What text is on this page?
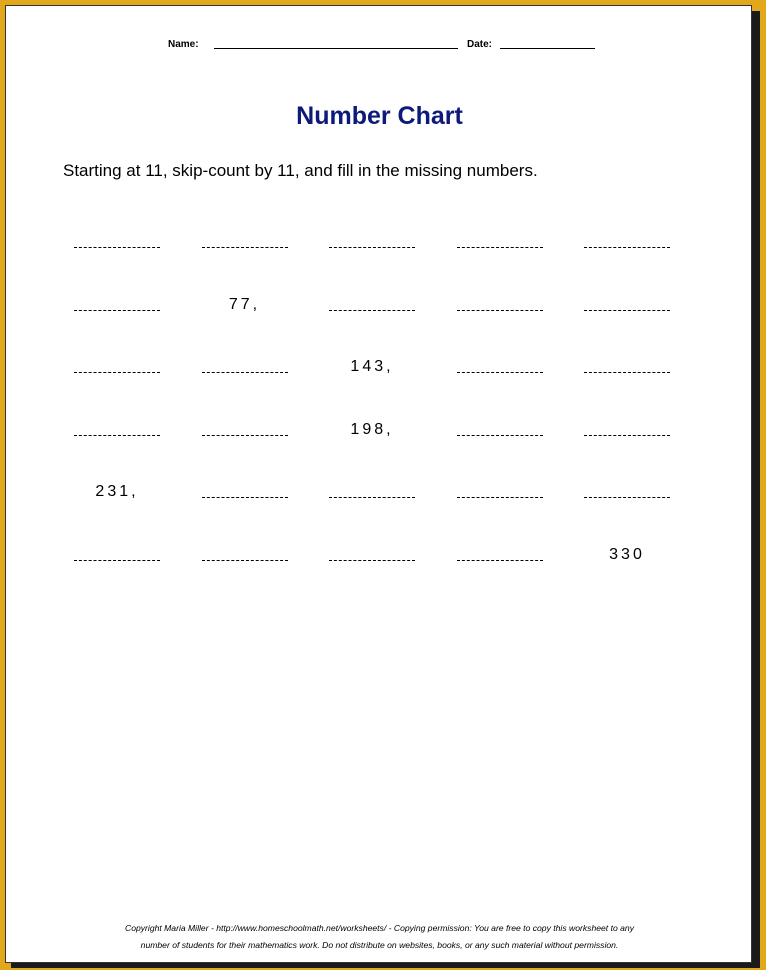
Name:	Date:
Number Chart
Starting at 11, skip-count by 11, and fill in the missing numbers.
77,
143,
198,
231,
330
Copyright Maria Miller - http://www.homeschoolmath.net/worksheets/ - Copying permission: You are free to copy this worksheet to any
number of students for their mathematics work. Do not distribute on websites, books, or any such material without permission.
